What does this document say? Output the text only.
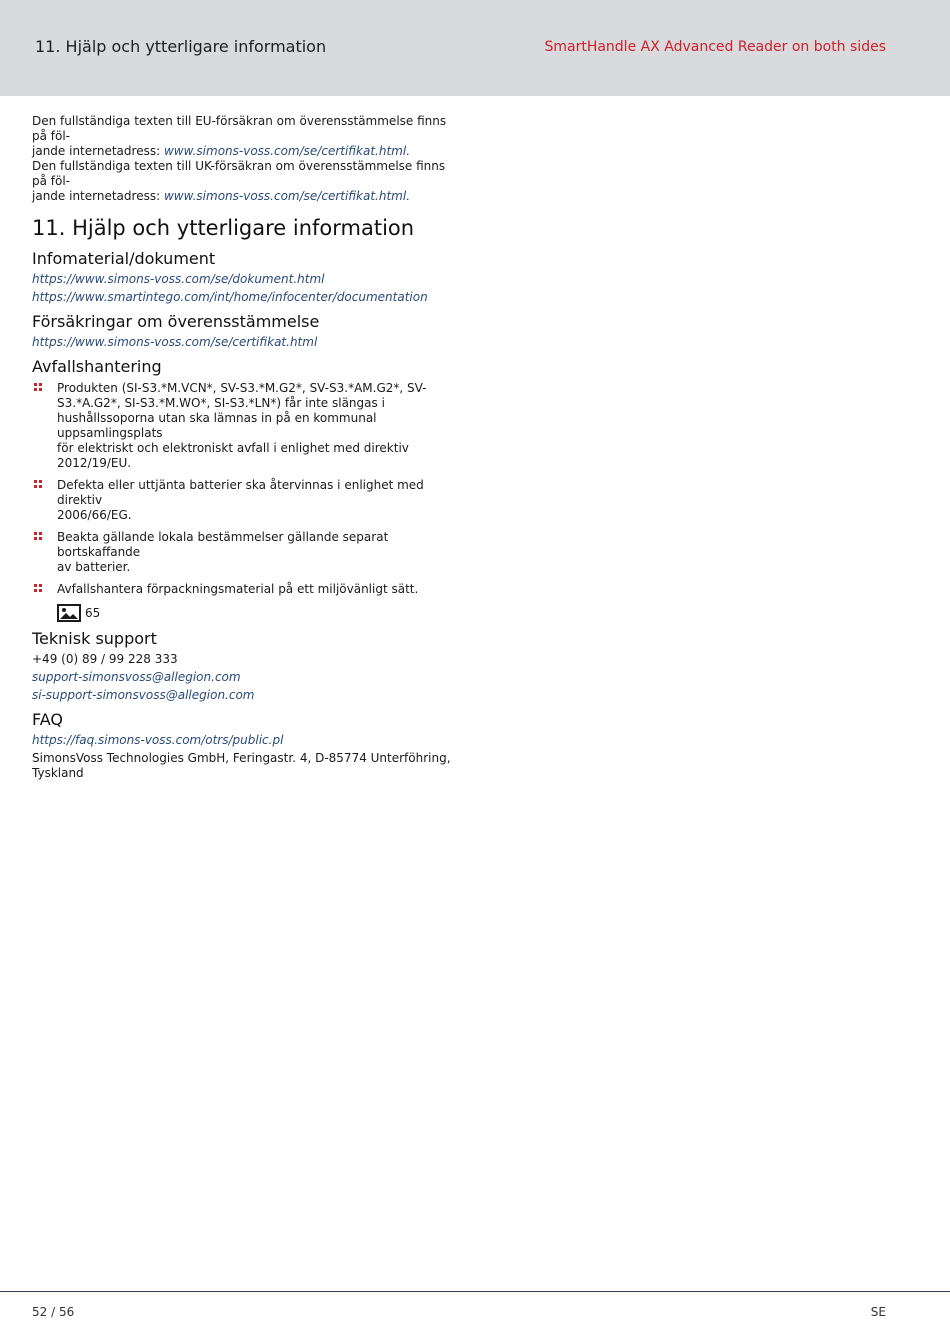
11. Hjälp och ytterligare information	SmartHandle AX Advanced Reader on both sides

Den fullständiga texten till EU-försäkran om överensstämmelse finns på föl-
jande internetadress: www.simons-voss.com/se/certifikat.html.

Den fullständiga texten till UK-försäkran om överensstämmelse finns på föl-
jande internetadress: www.simons-voss.com/se/certifikat.html.

11. Hjälp och ytterligare information
Infomaterial/dokument
https://www.simons-voss.com/se/dokument.html
https://www.smartintego.com/int/home/infocenter/documentation
Försäkringar om överensstämmelse
https://www.simons-voss.com/se/certifikat.html
Avfallshantering
Produkten (SI-S3.*M.VCN*, SV-S3.*M.G2*, SV-S3.*AM.G2*, SV-
S3.*A.G2*, SI-S3.*M.WO*, SI-S3.*LN*) får inte slängas i
hushållssoporna utan ska lämnas in på en kommunal uppsamlingsplats
för elektriskt och elektroniskt avfall i enlighet med direktiv 2012/19/EU.
Defekta eller uttjänta batterier ska återvinnas i enlighet med direktiv
2006/66/EG.
Beakta gällande lokala bestämmelser gällande separat bortskaffande
av batterier.
Avfallshantera förpackningsmaterial på ett miljövänligt sätt.
65
Teknisk support
+49 (0) 89 / 99 228 333
support-simonsvoss@allegion.com
si-support-simonsvoss@allegion.com
FAQ
https://faq.simons-voss.com/otrs/public.pl
SimonsVoss Technologies GmbH, Feringastr. 4, D-85774 Unterföhring,
Tyskland
52 / 56	SE
